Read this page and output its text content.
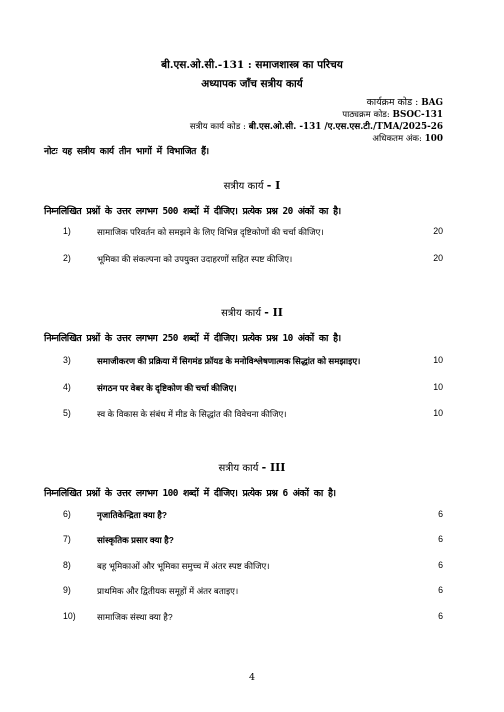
बी.एस.ओ.सी.-131 : समाजशास्त्र का परिचय
अध्यापक जाँच सत्रीय कार्य
कार्यक्रम कोड : BAG
पाठ्यक्रम कोड: BSOC-131
सत्रीय कार्य कोड : बी.एस.ओ.सी. -131 /ए.एस.एस.टी./TMA/2025-26
अधिकतम अंक: 100
नोटः यह सत्रीय कार्य तीन भागों में विभाजित हैं।
सत्रीय कार्य - I
निम्नलिखित प्रश्नों के उत्तर लगभग 500 शब्दों में दीजिए। प्रत्येक प्रश्न 20 अंकों का है।
1)	सामाजिक परिवर्तन को समझने के लिए विभिन्न दृष्टिकोणों की चर्चा कीजिए।	20
2)	भूमिका की संकल्पना को उपयुक्त उदाहरणों सहित स्पष्ट कीजिए।	20
सत्रीय कार्य - II
निम्नलिखित प्रश्नों के उत्तर लगभग 250 शब्दों में दीजिए। प्रत्येक प्रश्न 10 अंकों का है।
3)	समाजीकरण की प्रक्रिया में सिगमंड फ्रॉयड के मनोविश्लेषणात्मक सिद्धांत को समझाइए।	10
4)	संगठन पर वेबर के दृष्टिकोण की चर्चा कीजिए।	10
5)	स्व के विकास के संबंध में मीड के सिद्धांत की विवेचना कीजिए।	10
सत्रीय कार्य - III
निम्नलिखित प्रश्नों के उत्तर लगभग 100 शब्दों में दीजिए। प्रत्येक प्रश्न 6 अंकों का है।
6)	नृजातिकेन्द्रिता क्या है?	6
7)	सांस्कृतिक प्रसार क्या है?	6
8)	बह भूमिकाओं और भूमिका समुच्च में अंतर स्पष्ट कीजिए।	6
9)	प्राथमिक और द्वितीयक समूहों में अंतर बताइए।	6
10) सामाजिक संस्था क्या है?	6
4
